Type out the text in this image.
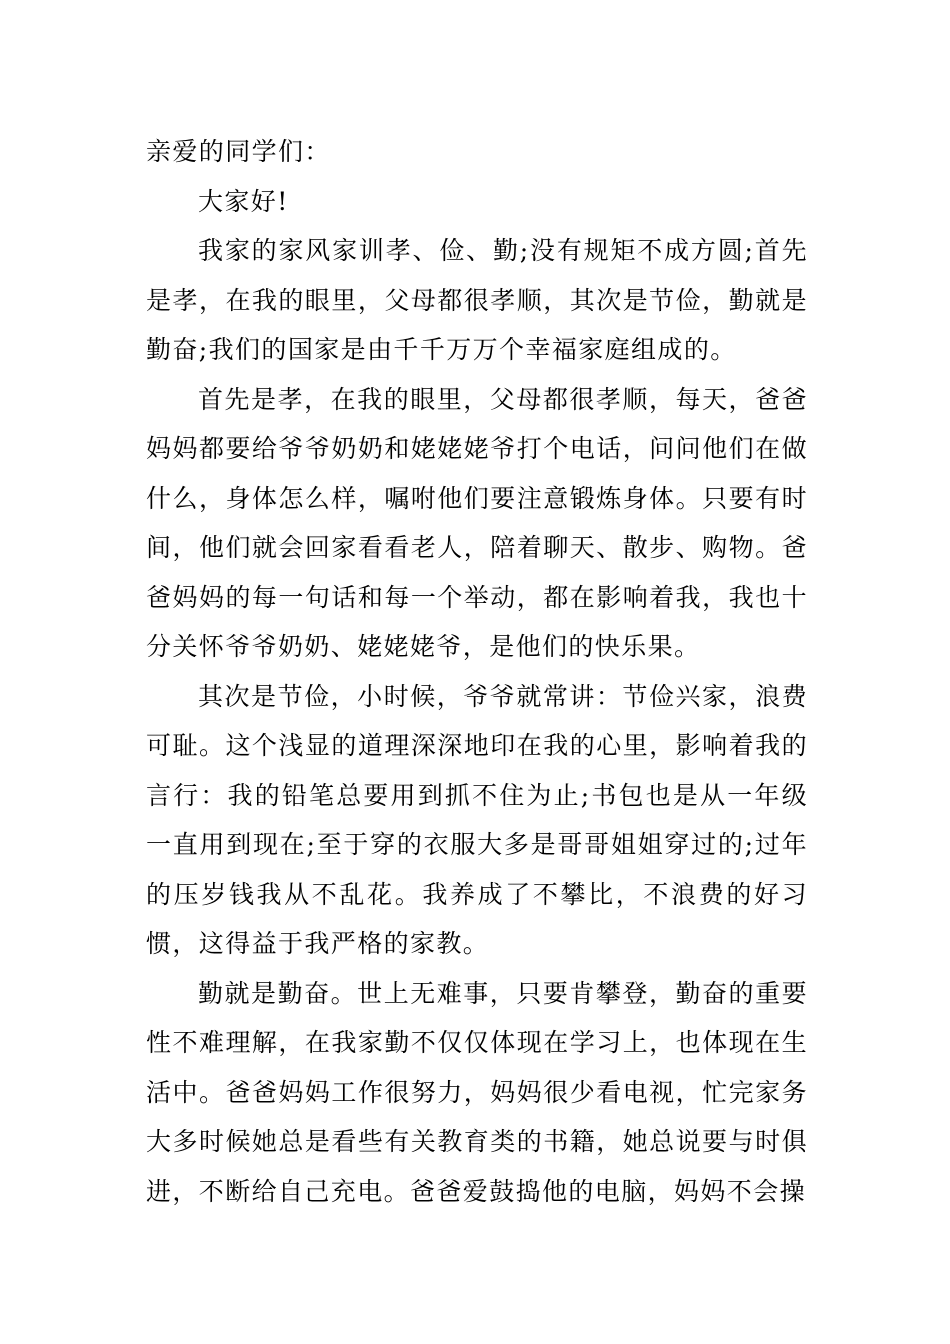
亲爱的同学们：

大家好!

我家的家风家训孝、俭、勤;没有规矩不成方圆;首先是孝，在我的眼里，父母都很孝顺，其次是节俭，勤就是勤奋;我们的国家是由千千万万个幸福家庭组成的。

首先是孝，在我的眼里，父母都很孝顺，每天，爸爸妈妈都要给爷爷奶奶和姥姥姥爷打个电话，问问他们在做什么，身体怎么样，嘱咐他们要注意锻炼身体。只要有时间，他们就会回家看看老人，陪着聊天、散步、购物。爸爸妈妈的每一句话和每一个举动，都在影响着我，我也十分关怀爷爷奶奶、姥姥姥爷，是他们的快乐果。

其次是节俭，小时候，爷爷就常讲：节俭兴家，浪费可耻。这个浅显的道理深深地印在我的心里，影响着我的言行：我的铅笔总要用到抓不住为止;书包也是从一年级一直用到现在;至于穿的衣服大多是哥哥姐姐穿过的;过年的压岁钱我从不乱花。我养成了不攀比，不浪费的好习惯，这得益于我严格的家教。

勤就是勤奋。世上无难事，只要肯攀登，勤奋的重要性不难理解，在我家勤不仅仅体现在学习上，也体现在生活中。爸爸妈妈工作很努力，妈妈很少看电视，忙完家务大多时候她总是看些有关教育类的书籍，她总说要与时俱进，不断给自己充电。爸爸爱鼓捣他的电脑，妈妈不会操
